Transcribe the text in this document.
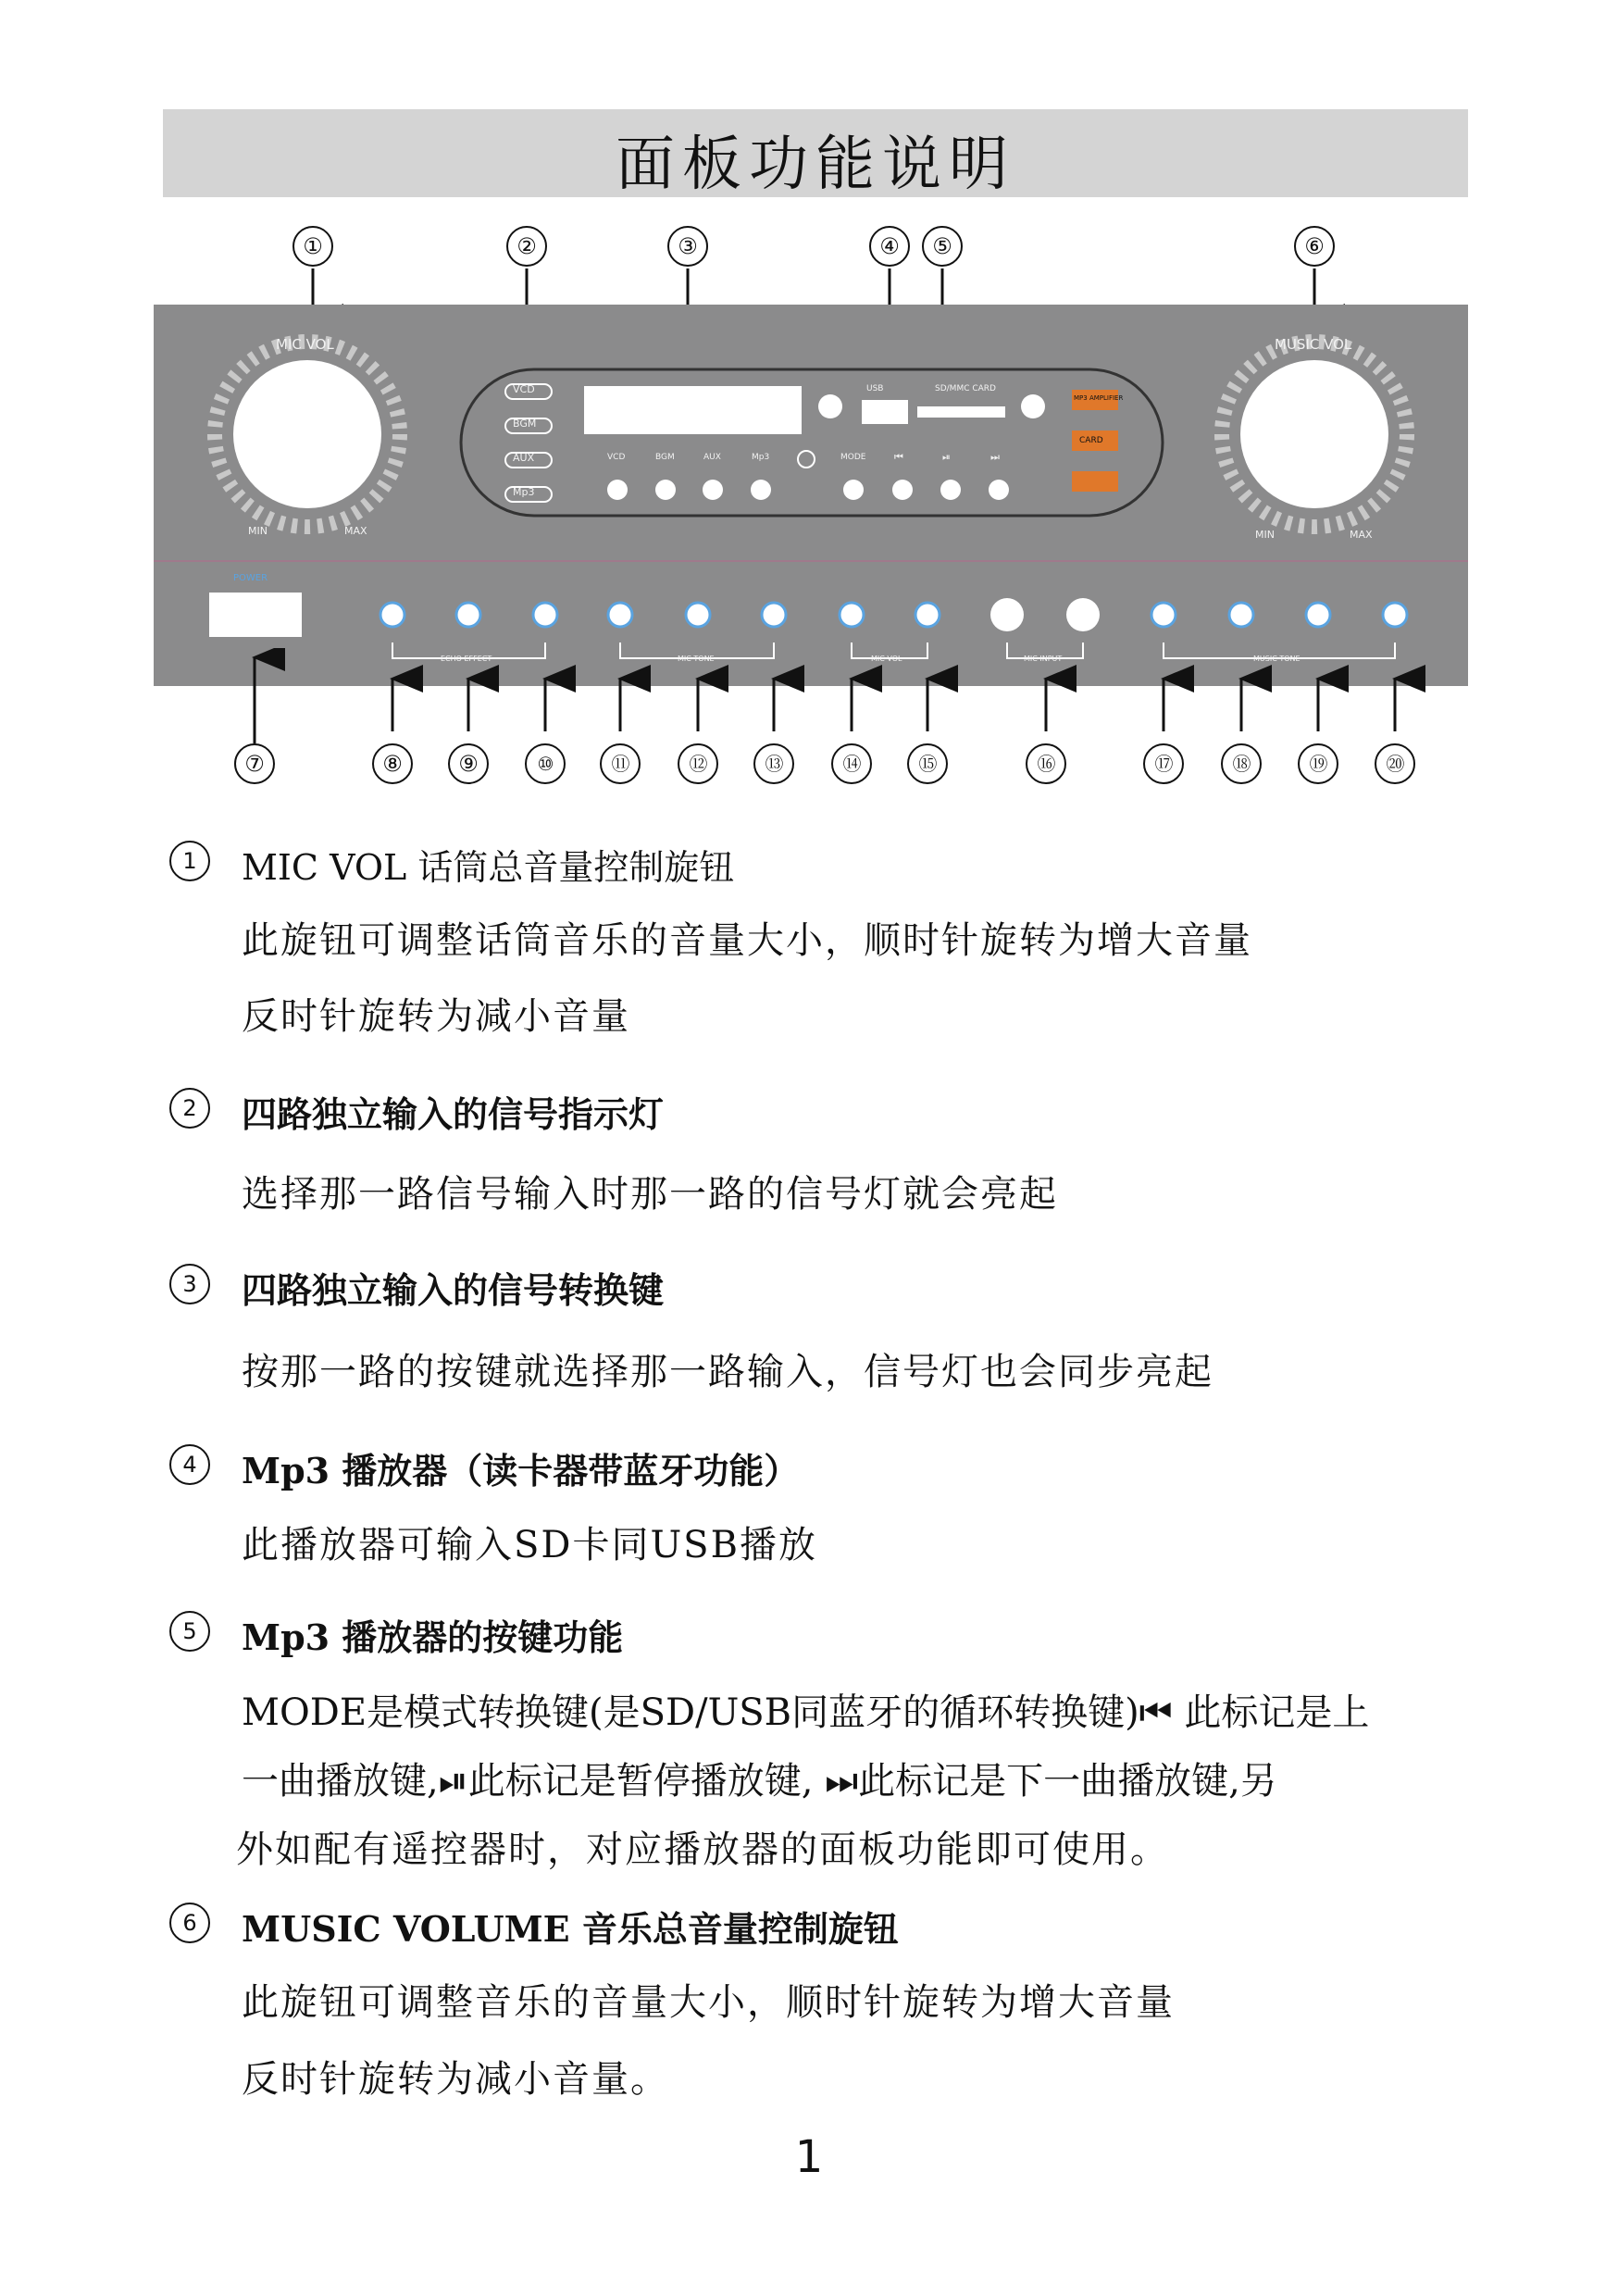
面板功能说明
①	②	③	④	⑤	⑥
MIC VOL	MUSIC VOL
MIN	MAX	MIN	MAX
VCD
BGM
AUX
Mp3
VCD	BGM	AUX	Mp3	MODE	⏮	⏯	⏭
USB	SD/MMC CARD
MP3 AMPLIFIER
CARD
POWER
ECHO EFFECT	MIC TONE	MIC VOL	MIC INPUT	MUSIC TONE
⑦	⑧	⑨	⑩	⑪	⑫	⑬	⑭	⑮	⑯	⑰	⑱	⑲	⑳
1	MIC VOL 话筒总音量控制旋钮
此旋钮可调整话筒音乐的音量大小，顺时针旋转为增大音量
反时针旋转为减小音量
2	四路独立输入的信号指示灯
选择那一路信号输入时那一路的信号灯就会亮起
3	四路独立输入的信号转换键
按那一路的按键就选择那一路输入，信号灯也会同步亮起
4	Mp3 播放器（读卡器带蓝牙功能）
此播放器可输入SD卡同USB播放
5	Mp3 播放器的按键功能
MODE是模式转换键(是SD/USB同蓝牙的循环转换键)⏮ 此标记是上
一曲播放键,⏯此标记是暂停播放键, ⏭此标记是下一曲播放键,另
外如配有遥控器时，对应播放器的面板功能即可使用。
6	MUSIC VOLUME 音乐总音量控制旋钮
此旋钮可调整音乐的音量大小，顺时针旋转为增大音量
反时针旋转为减小音量。
1
